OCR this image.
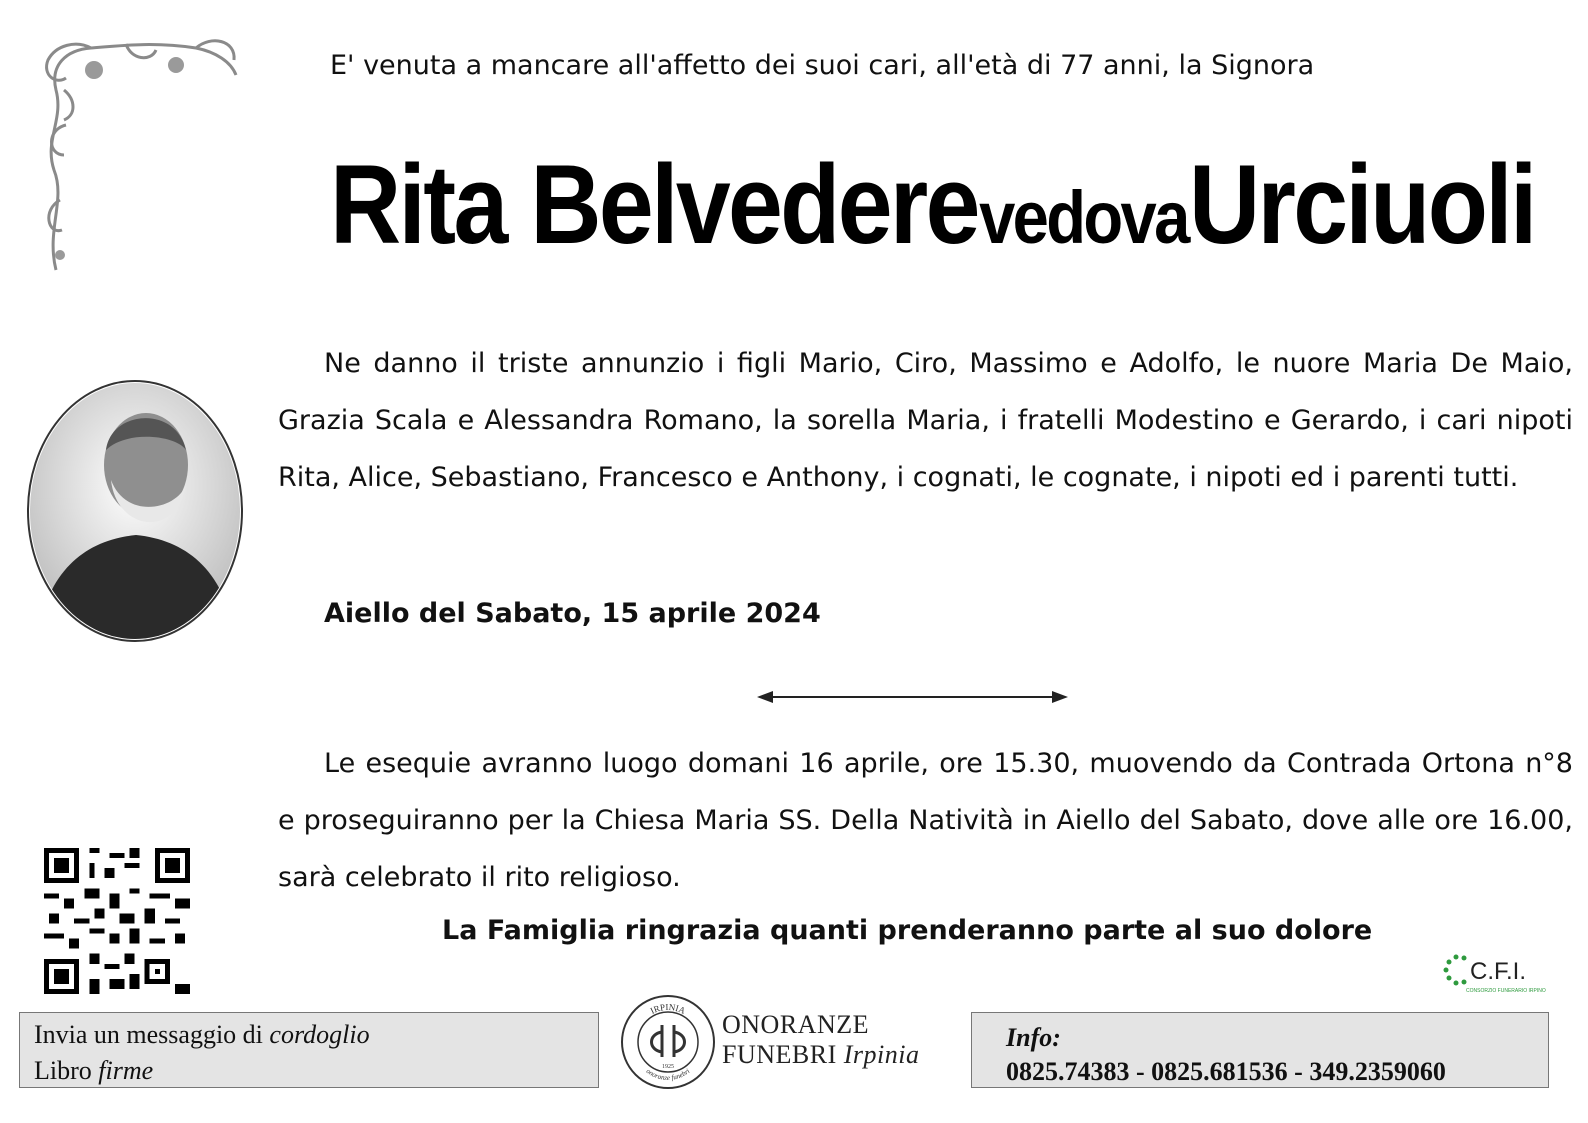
E' venuta a mancare all'affetto dei suoi cari, all'età di 77 anni, la Signora
Rita Belvedere vedova Urciuoli
Ne danno il triste annunzio i figli Mario, Ciro, Massimo e Adolfo, le nuore Maria De Maio, Grazia Scala e Alessandra Romano, la sorella Maria, i fratelli Modestino e Gerardo, i cari nipoti Rita, Alice, Sebastiano, Francesco e Anthony, i cognati, le cognate, i nipoti ed i parenti tutti.
Aiello del Sabato, 15 aprile 2024
Le esequie avranno luogo domani 16 aprile, ore 15.30, muovendo da Contrada Ortona n°8 e proseguiranno per la Chiesa Maria SS. Della Natività in Aiello del Sabato, dove alle ore 16.00, sarà celebrato il rito religioso.
La Famiglia ringrazia quanti prenderanno parte al suo dolore
C.F.I.
CONSORZIO FUNERARIO IRPINO
Invia un messaggio di cordoglio
Libro firme
IRPINIA
onoranze funebri
1925
ONORANZE
FUNEBRI Irpinia
Info:
0825.74383 - 0825.681536 - 349.2359060
